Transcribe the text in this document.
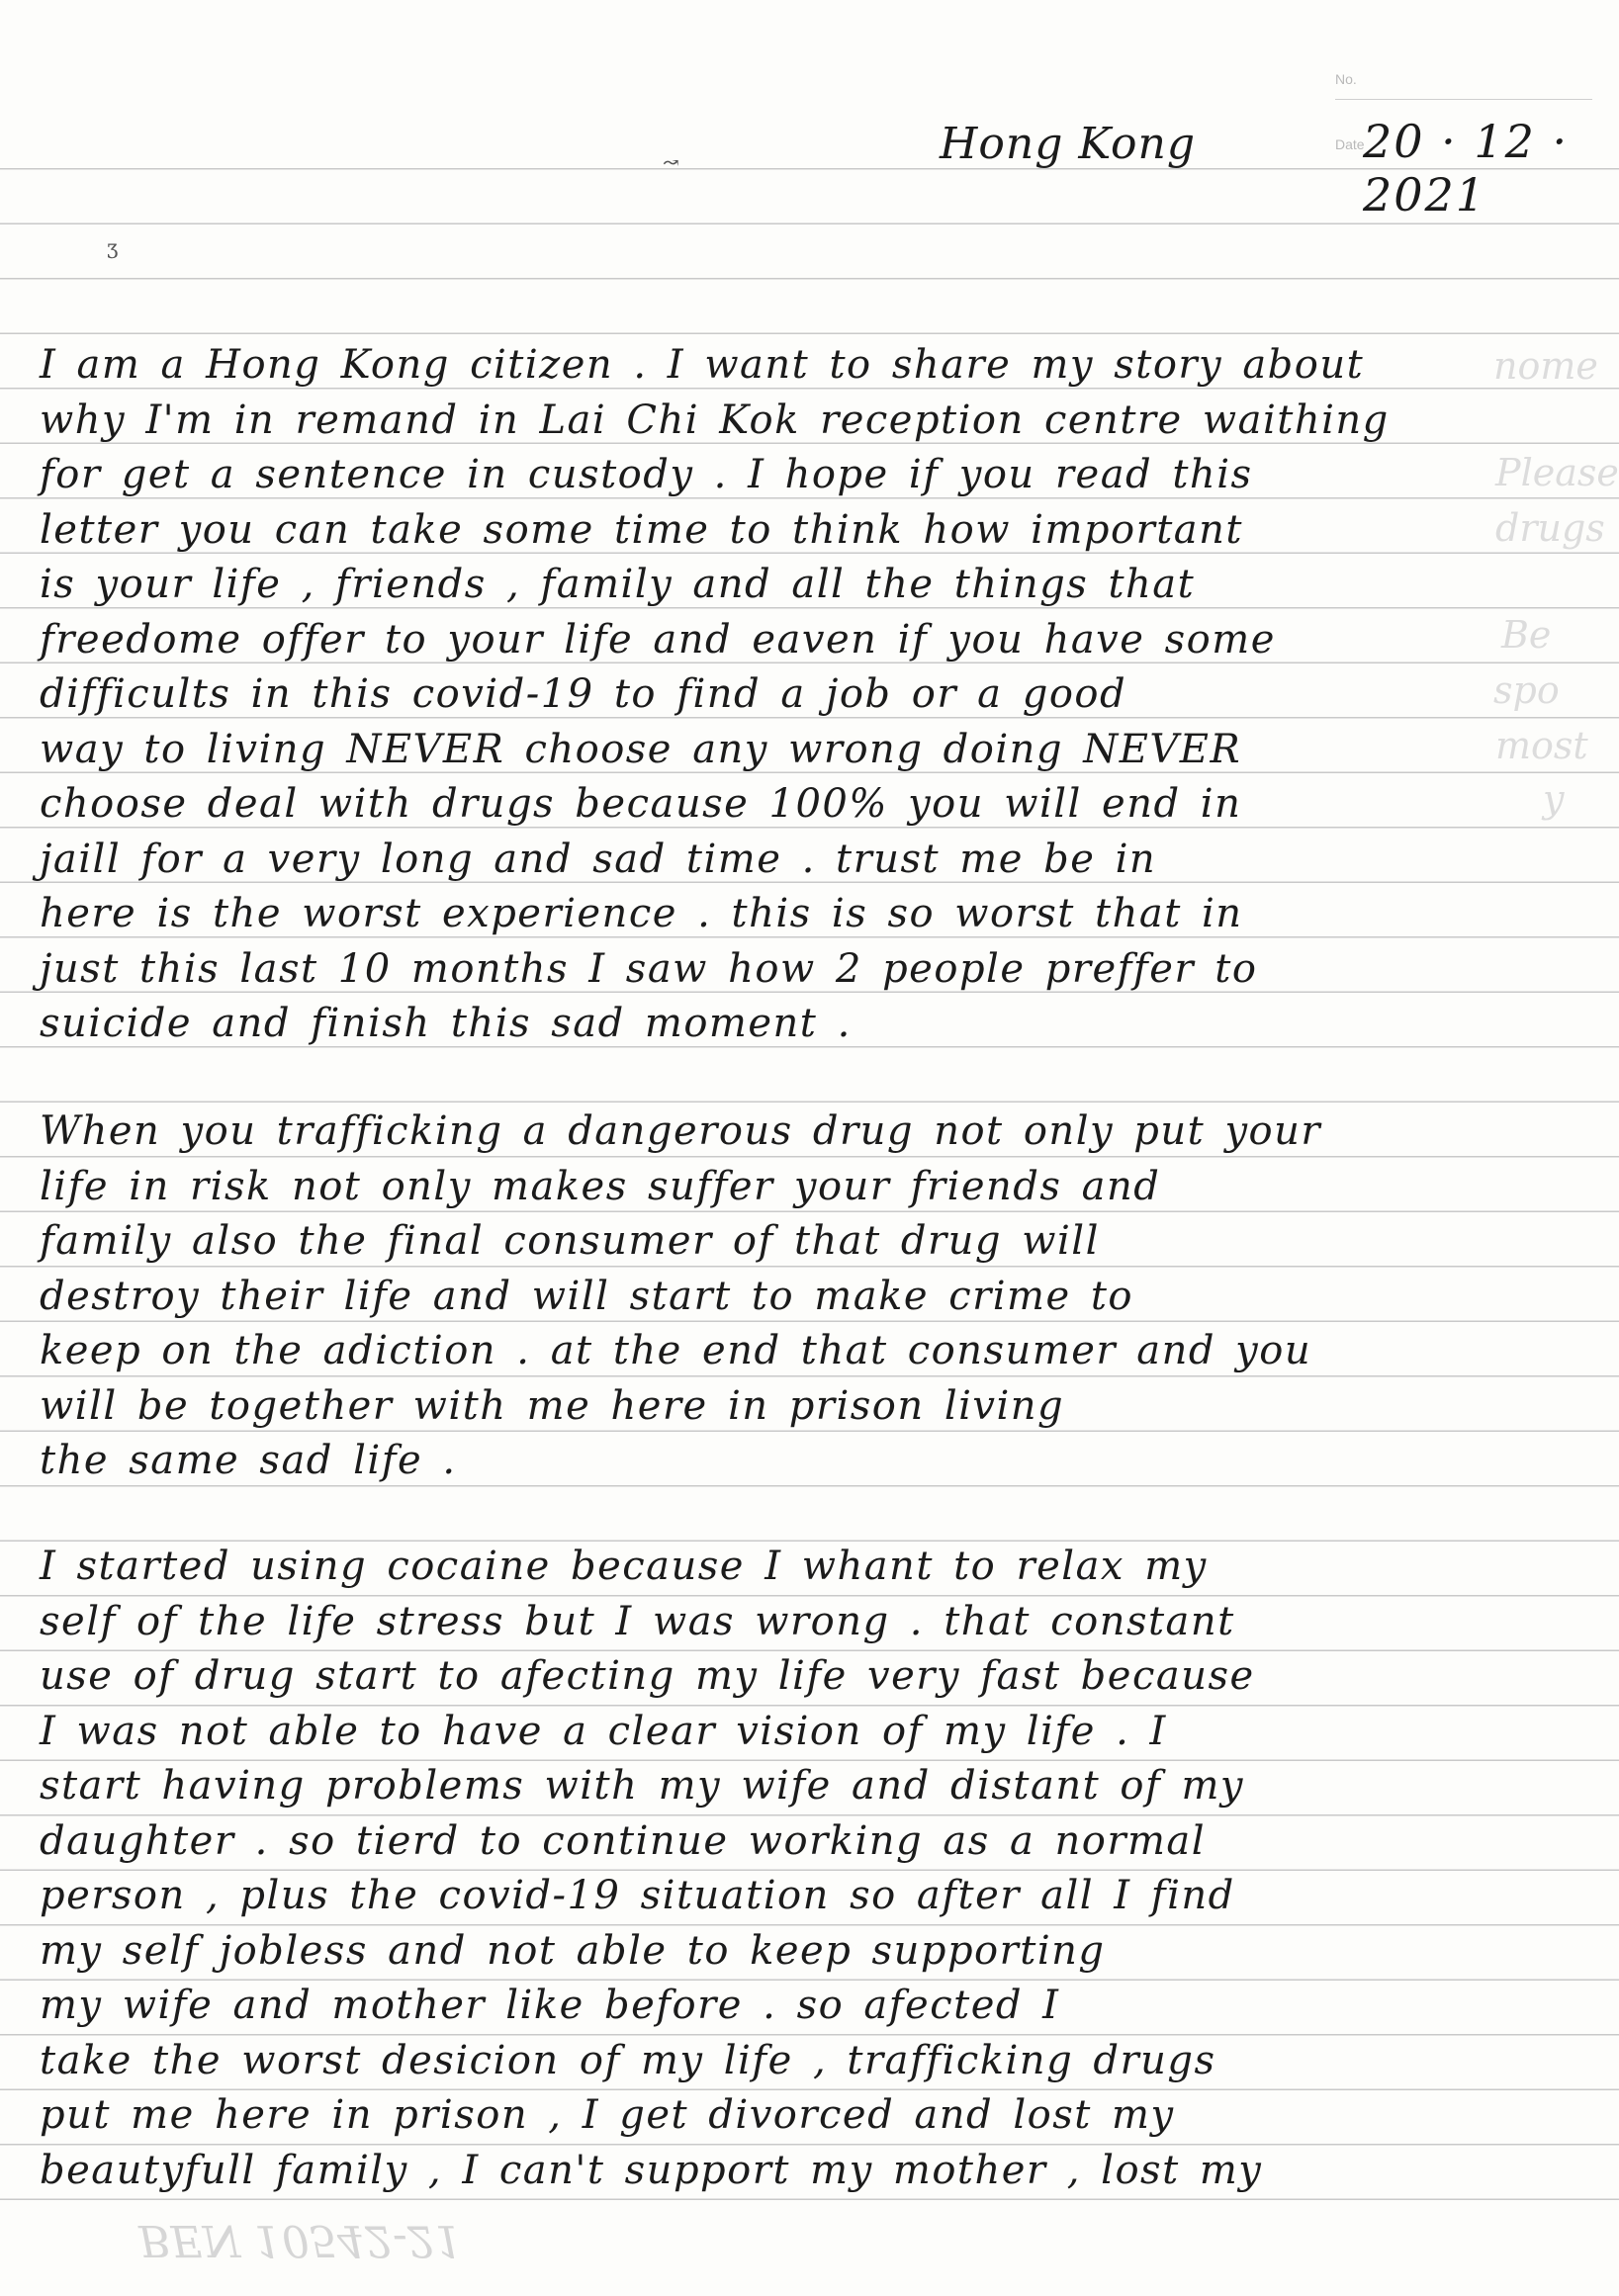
No.
Date
Hong Kong	20 · 12 · 2021
↝
Ʒ
nome
Please
drugs
Be
spo
most
y
I am a Hong Kong citizen . I want to share my story about
why I'm in remand in Lai Chi Kok reception centre waithing
for get a sentence in custody . I hope if you read this
letter you can take some time to think how important
is your life , friends , family and all the things that
freedome offer to your life and eaven if you have some
difficults in this covid-19 to find a job or a good
way to living NEVER choose any wrong doing NEVER
choose deal with drugs because 100% you will end in
jaill for a very long and sad time . trust me be in
here is the worst experience . this is so worst that in
just this last 10 months I saw how 2 people preffer to
suicide and finish this sad moment .
When you trafficking a dangerous drug not only put your
life in risk not only makes suffer your friends and
family also the final consumer of that drug will
destroy their life and will start to make crime to
keep on the adiction . at the end that consumer and you
will be together with me here in prison living
the same sad life .
I started using cocaine because I whant to relax my
self of the life stress but I was wrong . that constant
use of drug start to afecting my life very fast because
I was not able to have a clear vision of my life . I
start having problems with my wife and distant of my
daughter . so tierd to continue working as a normal
person , plus the covid-19 situation so after all I find
my self jobless and not able to keep supporting
my wife and mother like before . so afected I
take the worst desicion of my life , trafficking drugs
put me here in prison , I get divorced and lost my
beautyfull family , I can't support my mother , lost my
BEN 10542-21
